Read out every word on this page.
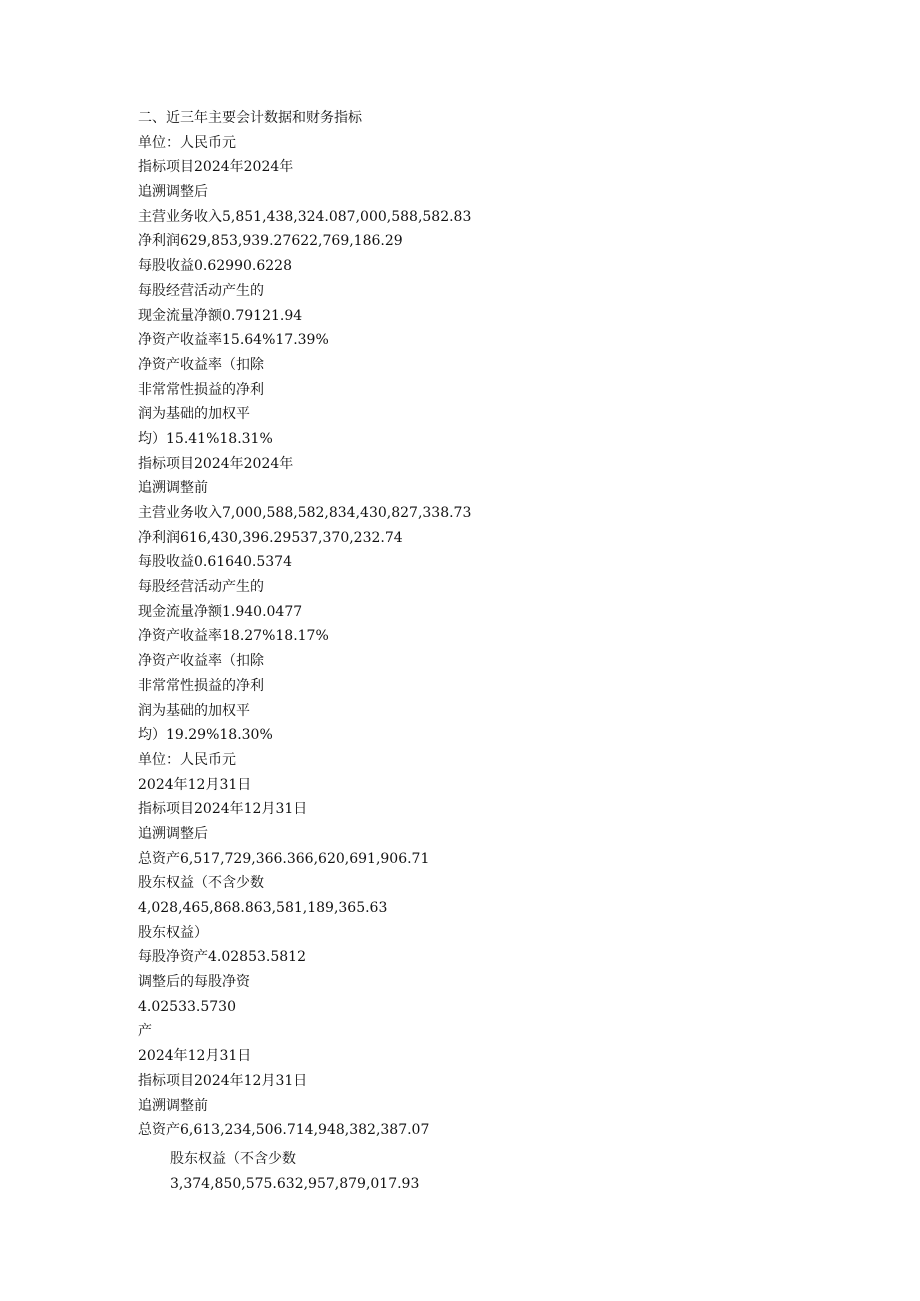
二、近三年主要会计数据和财务指标
单位：人民币元
指标项目2024年2024年
追溯调整后
主营业务收入5,851,438,324.087,000,588,582.83
净利润629,853,939.27622,769,186.29
每股收益0.62990.6228
每股经营活动产生的
现金流量净额0.79121.94
净资产收益率15.64%17.39%
净资产收益率（扣除
非常常性损益的净利
润为基础的加权平
均）15.41%18.31%
指标项目2024年2024年
追溯调整前
主营业务收入7,000,588,582,834,430,827,338.73
净利润616,430,396.29537,370,232.74
每股收益0.61640.5374
每股经营活动产生的
现金流量净额1.940.0477
净资产收益率18.27%18.17%
净资产收益率（扣除
非常常性损益的净利
润为基础的加权平
均）19.29%18.30%
单位：人民币元
2024年12月31日
指标项目2024年12月31日
追溯调整后
总资产6,517,729,366.366,620,691,906.71
股东权益（不含少数
4,028,465,868.863,581,189,365.63
股东权益）
每股净资产4.02853.5812
调整后的每股净资
4.02533.5730
产
2024年12月31日
指标项目2024年12月31日
追溯调整前
总资产6,613,234,506.714,948,382,387.07
股东权益（不含少数
3,374,850,575.632,957,879,017.93
